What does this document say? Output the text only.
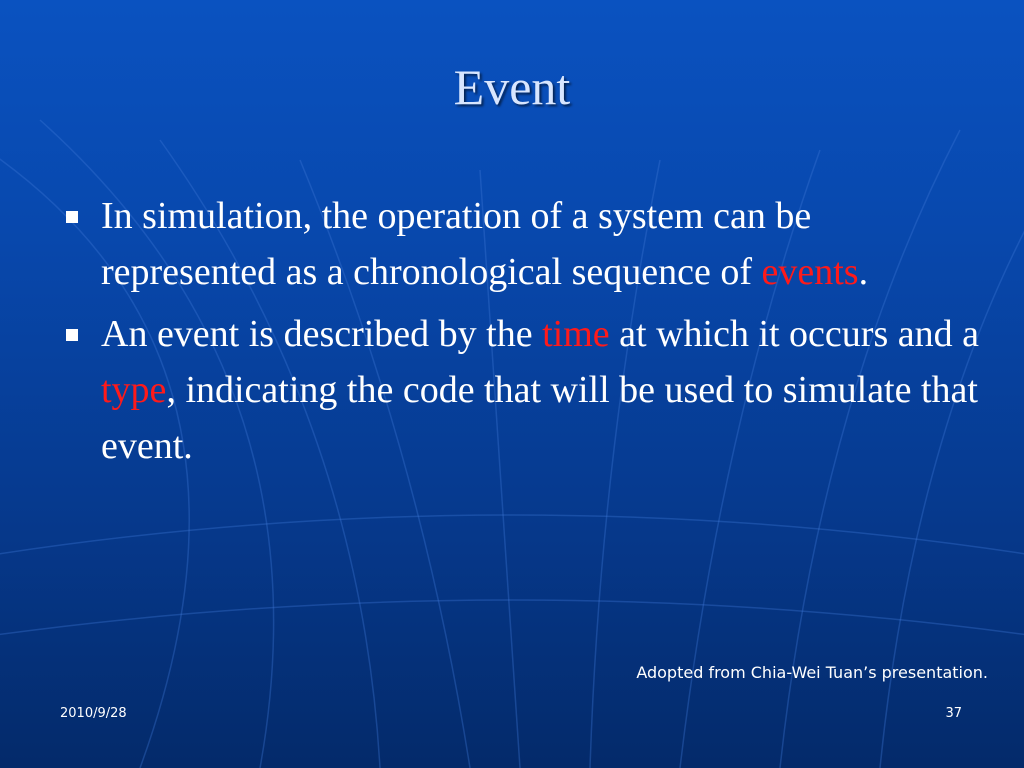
Event
In simulation, the operation of a system can be represented as a chronological sequence of events.
An event is described by the time at which it occurs and a type, indicating the code that will be used to simulate that event.
Adopted from Chia-Wei Tuan’s presentation.
2010/9/28	37
